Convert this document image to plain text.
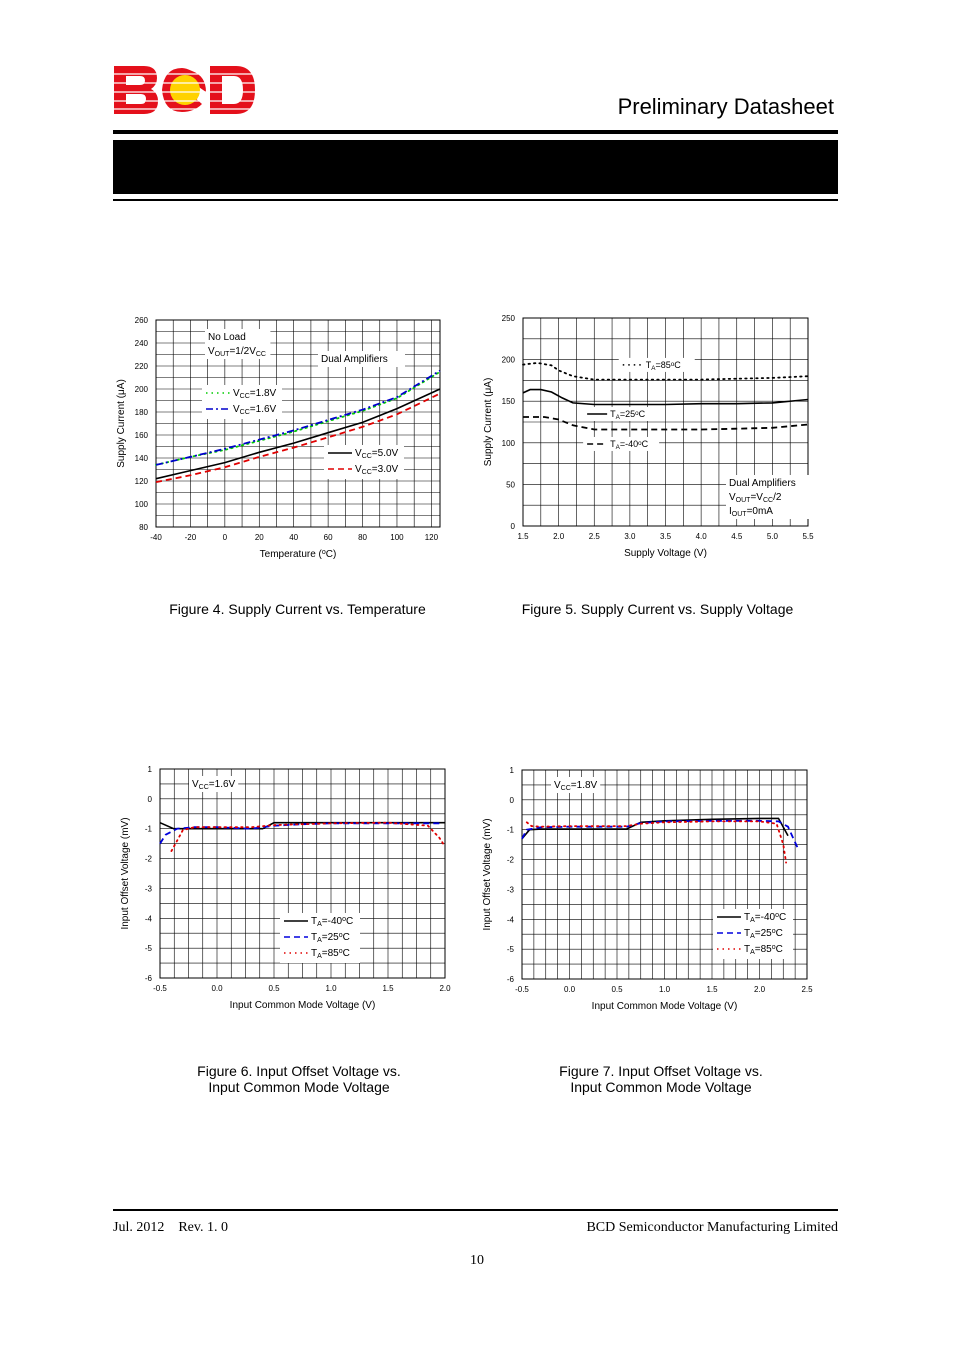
Preliminary Datasheet
-40	-20	0	20	40	60	80	100	120
80
100
120
140
160
180
200
220
240
260
Temperature (oC)
Supply Current (μA)
No Load
VOUT=1/2VCC	Dual Amplifiers
VCC=1.8V
VCC=1.6V
VCC=5.0V
VCC=3.0V
1.5	2.0	2.5	3.0	3.5	4.0	4.5	5.0	5.5
0
50
100
150
200
250
Supply Voltage (V)
Supply Current (μA)
Dual Amplifiers
VOUT=VCC/2
IOUT=0mA
TA=85oC
TA=25oC
TA=-40oC
-0.5	0.0	0.5	1.0	1.5	2.0
-6
-5
-4
-3
-2
-1
0
1
Input Common Mode Voltage (V)
Input Offset Voltage (mV)
VCC=1.6V
TA=-40oC
TA=25oC
TA=85oC
-0.5	0.0	0.5	1.0	1.5	2.0	2.5
-6
-5
-4
-3
-2
-1
0
1
Input Common Mode Voltage (V)
Input Offset Voltage (mV)
VCC=1.8V
TA=-40oC
TA=25oC
TA=85oC
Figure 4. Supply Current vs. Temperature	Figure 5. Supply Current vs. Supply Voltage
Figure 6. Input Offset Voltage vs.
Input Common Mode Voltage
Figure 7. Input Offset Voltage vs.
Input Common Mode Voltage
Jul. 2012    Rev. 1. 0	BCD Semiconductor Manufacturing Limited
10
